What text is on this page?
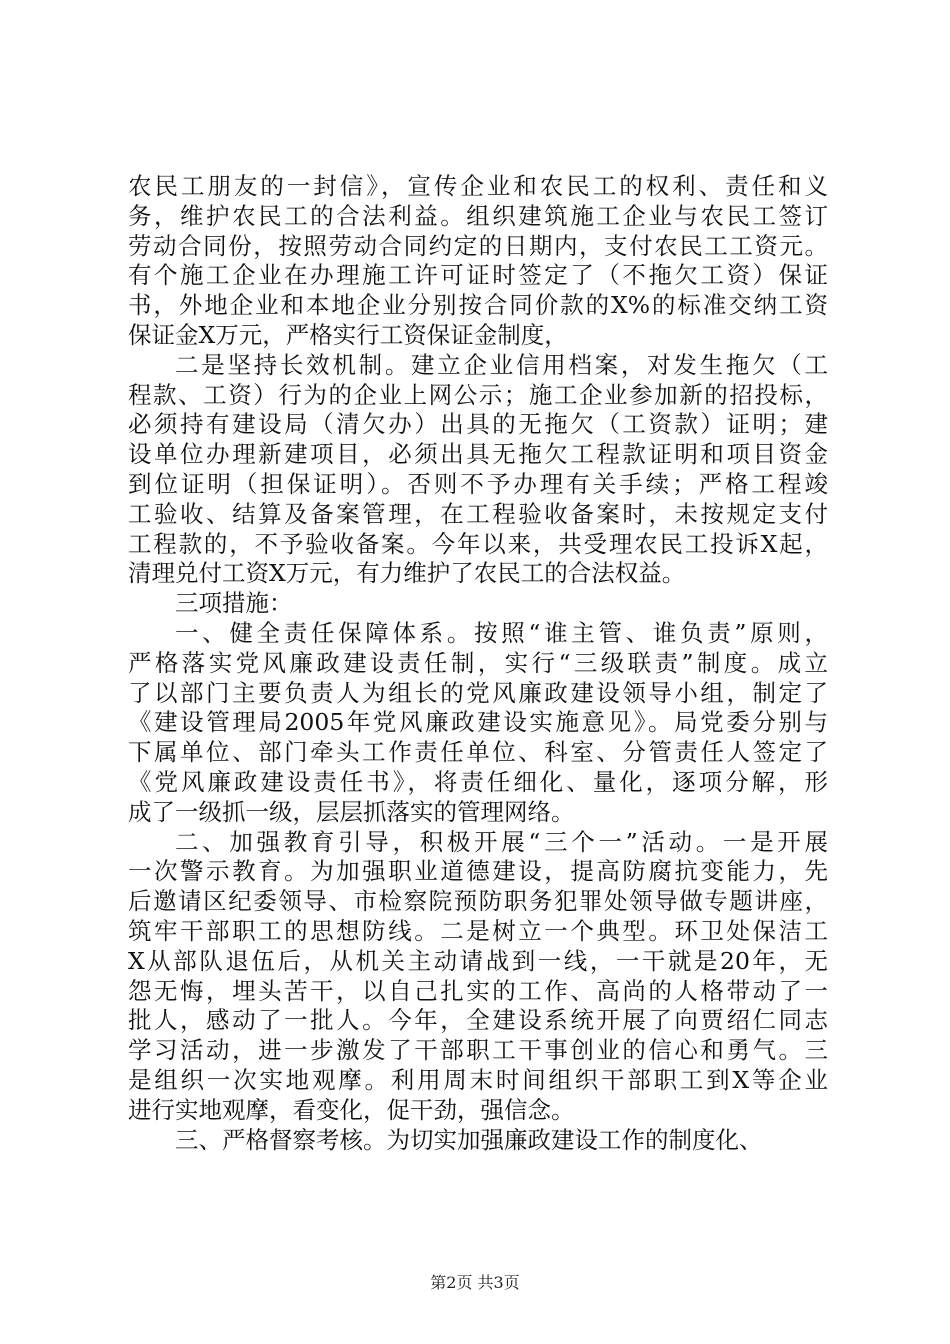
农民工朋友的一封信》，宣传企业和农民工的权利、责任和义
务，维护农民工的合法利益。组织建筑施工企业与农民工签订
劳动合同份，按照劳动合同约定的日期内，支付农民工工资元。
有个施工企业在办理施工许可证时签定了（不拖欠工资）保证
书，外地企业和本地企业分别按合同价款的X%的标准交纳工资
保证金X万元，严格实行工资保证金制度，

二是坚持长效机制。建立企业信用档案，对发生拖欠（工
程款、工资）行为的企业上网公示；施工企业参加新的招投标，
必须持有建设局（清欠办）出具的无拖欠（工资款）证明；建
设单位办理新建项目，必须出具无拖欠工程款证明和项目资金
到位证明（担保证明）。否则不予办理有关手续；严格工程竣
工验收、结算及备案管理，在工程验收备案时，未按规定支付
工程款的，不予验收备案。今年以来，共受理农民工投诉X起，
清理兑付工资X万元，有力维护了农民工的合法权益。

三项措施：

一、健全责任保障体系。按照“谁主管、谁负责”原则，
严格落实党风廉政建设责任制，实行“三级联责”制度。成立
了以部门主要负责人为组长的党风廉政建设领导小组，制定了
《建设管理局2005年党风廉政建设实施意见》。局党委分别与
下属单位、部门牵头工作责任单位、科室、分管责任人签定了
《党风廉政建设责任书》，将责任细化、量化，逐项分解，形
成了一级抓一级，层层抓落实的管理网络。

二、加强教育引导，积极开展“三个一”活动。一是开展
一次警示教育。为加强职业道德建设，提高防腐抗变能力，先
后邀请区纪委领导、市检察院预防职务犯罪处领导做专题讲座，
筑牢干部职工的思想防线。二是树立一个典型。环卫处保洁工
X从部队退伍后，从机关主动请战到一线，一干就是20年，无
怨无悔，埋头苦干，以自己扎实的工作、高尚的人格带动了一
批人，感动了一批人。今年，全建设系统开展了向贾绍仁同志
学习活动，进一步激发了干部职工干事创业的信心和勇气。三
是组织一次实地观摩。利用周末时间组织干部职工到X等企业
进行实地观摩，看变化，促干劲，强信念。

三、严格督察考核。为切实加强廉政建设工作的制度化、

第2页 共3页
